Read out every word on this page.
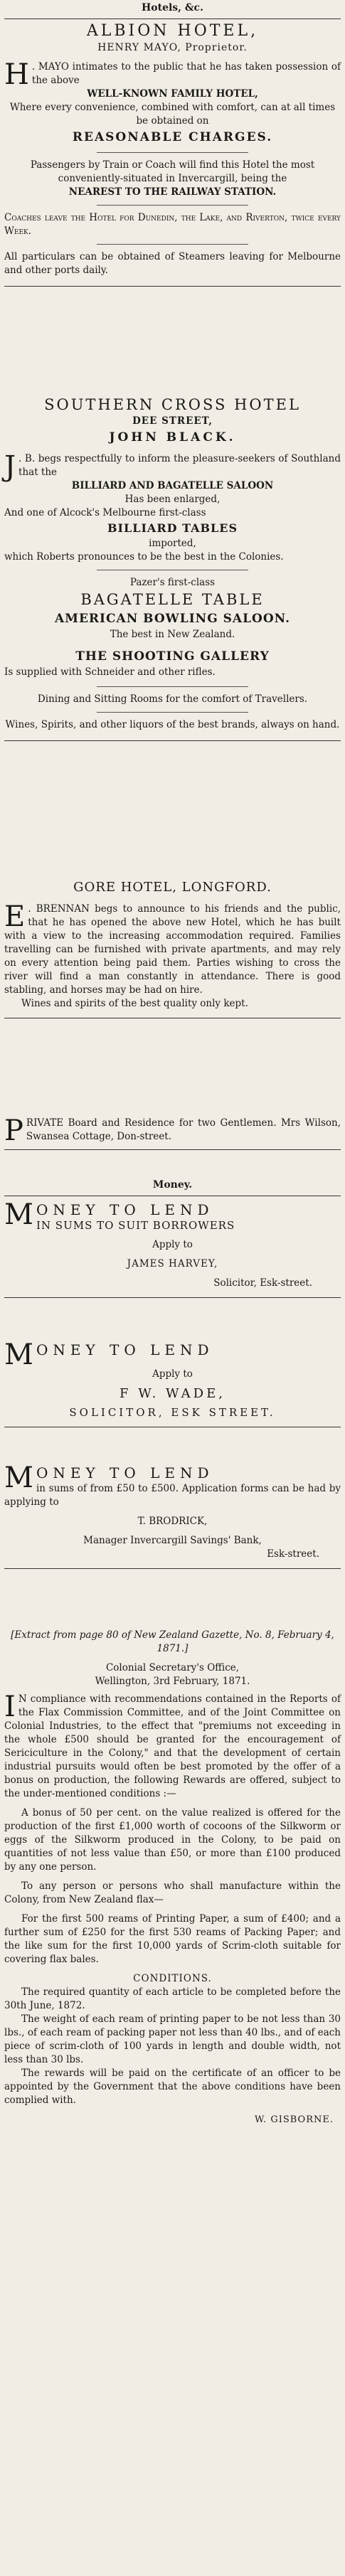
Hotels, &c.
ALBION HOTEL,

HENRY MAYO, Proprietor.

H . MAYO intimates to the public that he has taken possession of the above

WELL-KNOWN FAMILY HOTEL,

Where every convenience, combined with comfort, can at all times be obtained on

REASONABLE CHARGES.

Passengers by Train or Coach will find this Hotel the most conveniently-situated in Invercargill, being the

NEAREST TO THE RAILWAY STATION.

Coaches leave the Hotel for Dunedin, the Lake, and Riverton, twice every Week.

All particulars can be obtained of Steamers leaving for Melbourne and other ports daily.

SOUTHERN CROSS HOTEL

DEE STREET,

JOHN BLACK.
J . B. begs respectfully to inform the pleasure-seekers of Southland that the

BILLIARD AND BAGATELLE SALOON

Has been enlarged,

And one of Alcock's Melbourne first-class

BILLIARD TABLES

imported,

which Roberts pronounces to be the best in the Colonies.

Pazer's first-class

BAGATELLE TABLE
AMERICAN BOWLING SALOON.

The best in New Zealand.

THE SHOOTING GALLERY

Is supplied with Schneider and other rifles.

Dining and Sitting Rooms for the comfort of Travellers.

Wines, Spirits, and other liquors of the best brands, always on hand.

GORE HOTEL, LONGFORD.
E . BRENNAN begs to announce to his friends and the public, that he has opened the above new Hotel, which he has built with a view to the increasing accommodation required. Families travelling can be furnished with private apartments, and may rely on every attention being paid them. Parties wishing to cross the river will find a man constantly in attendance. There is good stabling, and horses may be had on hire.

Wines and spirits of the best quality only kept.

P RIVATE Board and Residence for two Gentlemen. Mrs Wilson, Swansea Cottage, Don-street.

Money.
M ONEY TO LEND

IN SUMS TO SUIT BORROWERS

Apply to

JAMES HARVEY,

Solicitor, Esk-street.

M ONEY TO LEND

Apply to

F W. WADE,

SOLICITOR, ESK STREET.

M ONEY TO LEND

in sums of from £50 to £500. Application forms can be had by applying to

T. BRODRICK,

Manager Invercargill Savings' Bank,

Esk-street.

[Extract from page 80 of New Zealand Gazette, No. 8, February 4, 1871.]

Colonial Secretary's Office,

Wellington, 3rd February, 1871.

I N compliance with recommendations contained in the Reports of the Flax Commission Committee, and of the Joint Committee on Colonial Industries, to the effect that "premiums not exceeding in the whole £500 should be granted for the encouragement of Sericiculture in the Colony," and that the development of certain industrial pursuits would often be best promoted by the offer of a bonus on production, the following Rewards are offered, subject to the under-mentioned conditions :—

A bonus of 50 per cent. on the value realized is offered for the production of the first £1,000 worth of cocoons of the Silkworm or eggs of the Silkworm produced in the Colony, to be paid on quantities of not less value than £50, or more than £100 produced by any one person.

To any person or persons who shall manufacture within the Colony, from New Zealand flax—

For the first 500 reams of Printing Paper, a sum of £400; and a further sum of £250 for the first 530 reams of Packing Paper; and the like sum for the first 10,000 yards of Scrim-cloth suitable for covering flax bales.

CONDITIONS.

The required quantity of each article to be completed before the 30th June, 1872.

The weight of each ream of printing paper to be not less than 30 lbs., of each ream of packing paper not less than 40 lbs., and of each piece of scrim-cloth of 100 yards in length and double width, not less than 30 lbs.

The rewards will be paid on the certificate of an officer to be appointed by the Government that the above conditions have been complied with.

W. GISBORNE.
